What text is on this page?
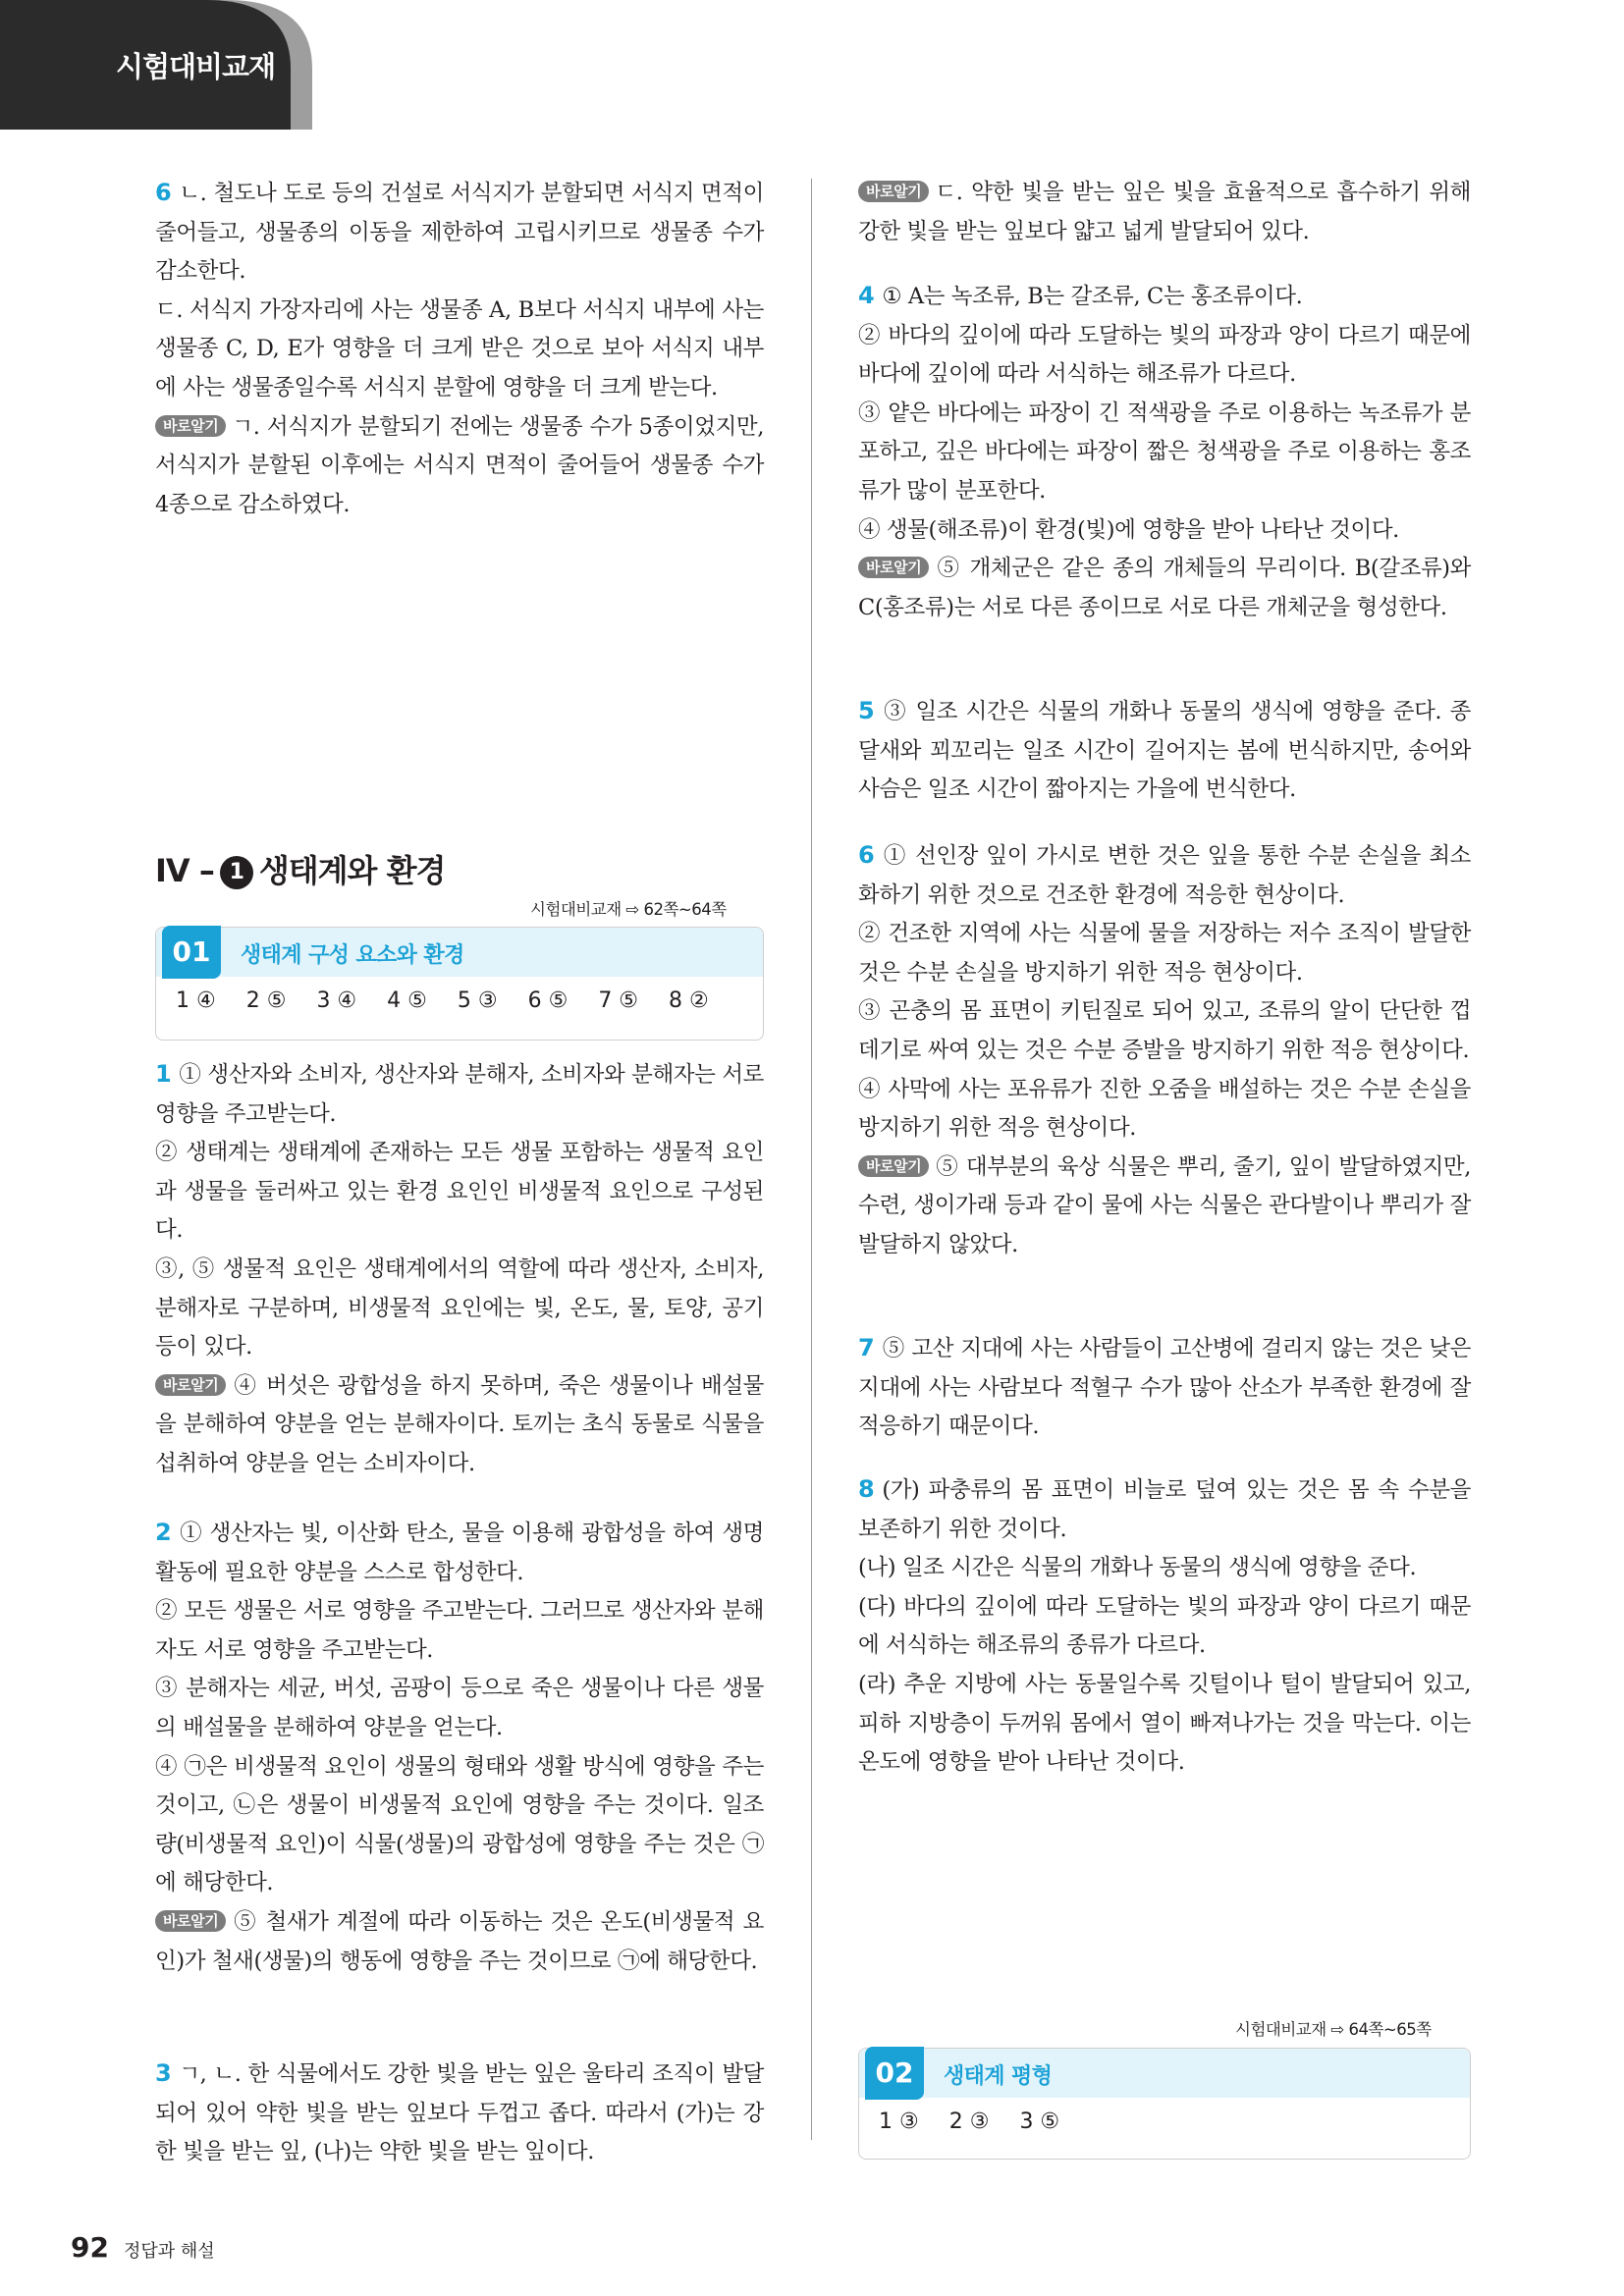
시험대비교재

6 ㄴ. 철도나 도로 등의 건설로 서식지가 분할되면 서식지 면적이 줄어들고, 생물종의 이동을 제한하여 고립시키므로 생물종 수가 감소한다.

ㄷ. 서식지 가장자리에 사는 생물종 A, B보다 서식지 내부에 사는 생물종 C, D, E가 영향을 더 크게 받은 것으로 보아 서식지 내부에 사는 생물종일수록 서식지 분할에 영향을 더 크게 받는다.

바로알기 ㄱ. 서식지가 분할되기 전에는 생물종 수가 5종이었지만, 서식지가 분할된 이후에는 서식지 면적이 줄어들어 생물종 수가 4종으로 감소하였다.

IV – 1 생태계와 환경
시험대비교재 ⇨ 62쪽~64쪽
01	생태계 구성 요소와 환경
1 ④ 2 ⑤ 3 ④ 4 ⑤ 5 ③ 6 ⑤ 7 ⑤ 8 ②

1 ① 생산자와 소비자, 생산자와 분해자, 소비자와 분해자는 서로 영향을 주고받는다.

② 생태계는 생태계에 존재하는 모든 생물 포함하는 생물적 요인과 생물을 둘러싸고 있는 환경 요인인 비생물적 요인으로 구성된다.

③, ⑤ 생물적 요인은 생태계에서의 역할에 따라 생산자, 소비자, 분해자로 구분하며, 비생물적 요인에는 빛, 온도, 물, 토양, 공기 등이 있다.

바로알기 ④ 버섯은 광합성을 하지 못하며, 죽은 생물이나 배설물을 분해하여 양분을 얻는 분해자이다. 토끼는 초식 동물로 식물을 섭취하여 양분을 얻는 소비자이다.

2 ① 생산자는 빛, 이산화 탄소, 물을 이용해 광합성을 하여 생명 활동에 필요한 양분을 스스로 합성한다.

② 모든 생물은 서로 영향을 주고받는다. 그러므로 생산자와 분해자도 서로 영향을 주고받는다.

③ 분해자는 세균, 버섯, 곰팡이 등으로 죽은 생물이나 다른 생물의 배설물을 분해하여 양분을 얻는다.

④ ㉠은 비생물적 요인이 생물의 형태와 생활 방식에 영향을 주는 것이고, ㉡은 생물이 비생물적 요인에 영향을 주는 것이다. 일조량(비생물적 요인)이 식물(생물)의 광합성에 영향을 주는 것은 ㉠에 해당한다.

바로알기 ⑤ 철새가 계절에 따라 이동하는 것은 온도(비생물적 요인)가 철새(생물)의 행동에 영향을 주는 것이므로 ㉠에 해당한다.

3 ㄱ, ㄴ. 한 식물에서도 강한 빛을 받는 잎은 울타리 조직이 발달되어 있어 약한 빛을 받는 잎보다 두껍고 좁다. 따라서 (가)는 강한 빛을 받는 잎, (나)는 약한 빛을 받는 잎이다.

바로알기 ㄷ. 약한 빛을 받는 잎은 빛을 효율적으로 흡수하기 위해 강한 빛을 받는 잎보다 얇고 넓게 발달되어 있다.

4 ① A는 녹조류, B는 갈조류, C는 홍조류이다.

② 바다의 깊이에 따라 도달하는 빛의 파장과 양이 다르기 때문에 바다에 깊이에 따라 서식하는 해조류가 다르다.

③ 얕은 바다에는 파장이 긴 적색광을 주로 이용하는 녹조류가 분포하고, 깊은 바다에는 파장이 짧은 청색광을 주로 이용하는 홍조류가 많이 분포한다.

④ 생물(해조류)이 환경(빛)에 영향을 받아 나타난 것이다.

바로알기 ⑤ 개체군은 같은 종의 개체들의 무리이다. B(갈조류)와 C(홍조류)는 서로 다른 종이므로 서로 다른 개체군을 형성한다.

5 ③ 일조 시간은 식물의 개화나 동물의 생식에 영향을 준다. 종달새와 꾀꼬리는 일조 시간이 길어지는 봄에 번식하지만, 송어와 사슴은 일조 시간이 짧아지는 가을에 번식한다.

6 ① 선인장 잎이 가시로 변한 것은 잎을 통한 수분 손실을 최소화하기 위한 것으로 건조한 환경에 적응한 현상이다.

② 건조한 지역에 사는 식물에 물을 저장하는 저수 조직이 발달한 것은 수분 손실을 방지하기 위한 적응 현상이다.

③ 곤충의 몸 표면이 키틴질로 되어 있고, 조류의 알이 단단한 껍데기로 싸여 있는 것은 수분 증발을 방지하기 위한 적응 현상이다.

④ 사막에 사는 포유류가 진한 오줌을 배설하는 것은 수분 손실을 방지하기 위한 적응 현상이다.

바로알기 ⑤ 대부분의 육상 식물은 뿌리, 줄기, 잎이 발달하였지만, 수련, 생이가래 등과 같이 물에 사는 식물은 관다발이나 뿌리가 잘 발달하지 않았다.

7 ⑤ 고산 지대에 사는 사람들이 고산병에 걸리지 않는 것은 낮은 지대에 사는 사람보다 적혈구 수가 많아 산소가 부족한 환경에 잘 적응하기 때문이다.

8 (가) 파충류의 몸 표면이 비늘로 덮여 있는 것은 몸 속 수분을 보존하기 위한 것이다.

(나) 일조 시간은 식물의 개화나 동물의 생식에 영향을 준다.

(다) 바다의 깊이에 따라 도달하는 빛의 파장과 양이 다르기 때문에 서식하는 해조류의 종류가 다르다.

(라) 추운 지방에 사는 동물일수록 깃털이나 털이 발달되어 있고, 피하 지방층이 두꺼워 몸에서 열이 빠져나가는 것을 막는다. 이는 온도에 영향을 받아 나타난 것이다.

시험대비교재 ⇨ 64쪽~65쪽
02	생태계 평형
1 ③ 2 ③ 3 ⑤
92 정답과 해설
